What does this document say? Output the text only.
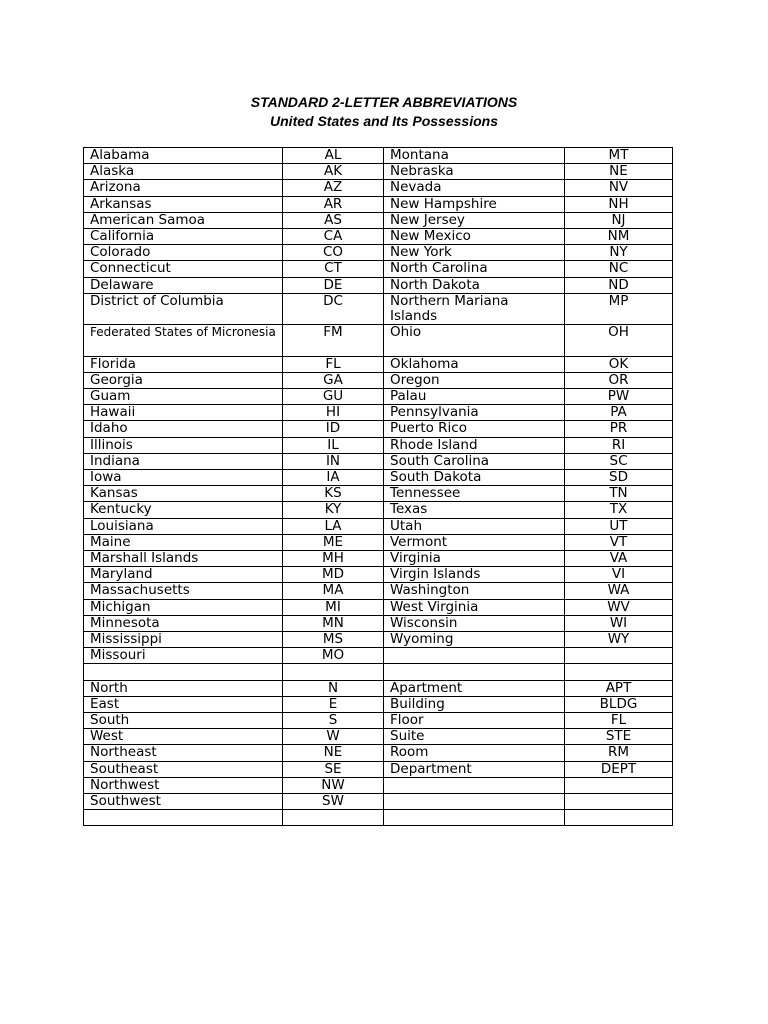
STANDARD 2-LETTER ABBREVIATIONS

United States and Its Possessions

Alabama	AL	Montana	MT
Alaska	AK	Nebraska	NE
Arizona	AZ	Nevada	NV
Arkansas	AR	New Hampshire	NH
American Samoa	AS	New Jersey	NJ
California	CA	New Mexico	NM
Colorado	CO	New York	NY
Connecticut	CT	North Carolina	NC
Delaware	DE	North Dakota	ND
District of Columbia	DC	Northern Mariana Islands	MP
Federated States of Micronesia	FM	Ohio	OH
Florida	FL	Oklahoma	OK
Georgia	GA	Oregon	OR
Guam	GU	Palau	PW
Hawaii	HI	Pennsylvania	PA
Idaho	ID	Puerto Rico	PR
Illinois	IL	Rhode Island	RI
Indiana	IN	South Carolina	SC
Iowa	IA	South Dakota	SD
Kansas	KS	Tennessee	TN
Kentucky	KY	Texas	TX
Louisiana	LA	Utah	UT
Maine	ME	Vermont	VT
Marshall Islands	MH	Virginia	VA
Maryland	MD	Virgin Islands	VI
Massachusetts	MA	Washington	WA
Michigan	MI	West Virginia	WV
Minnesota	MN	Wisconsin	WI
Mississippi	MS	Wyoming	WY
Missouri	MO		

North	N	Apartment	APT
East	E	Building	BLDG
South	S	Floor	FL
West	W	Suite	STE
Northeast	NE	Room	RM
Southeast	SE	Department	DEPT
Northwest	NW		
Southwest	SW		
